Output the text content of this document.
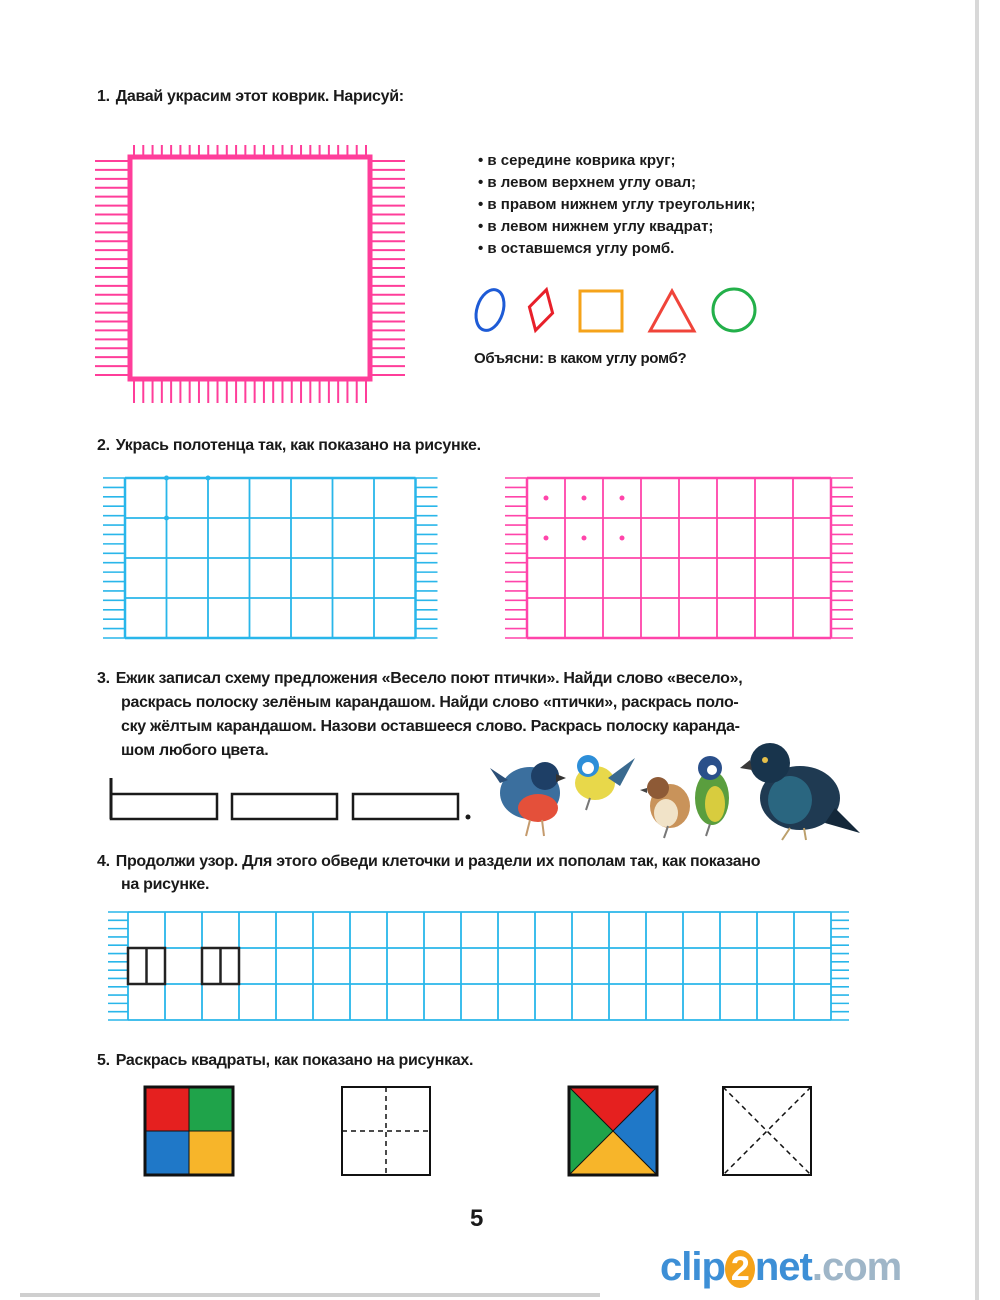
1. Давай украсим этот коврик. Нарисуй:
• в середине коврика круг;
• в левом верхнем углу овал;
• в правом нижнем углу треугольник;
• в левом нижнем углу квадрат;
• в оставшемся углу ромб.
Объясни: в каком углу ромб?
2. Укрась полотенца так, как показано на рисунке.
3. Ежик записал схему предложения «Весело поют птички». Найди слово «весело»,
раскрась полоску зелёным карандашом. Найди слово «птички», раскрась поло-
ску жёлтым карандашом. Назови оставшееся слово. Раскрась полоску каранда-
шом любого цвета.
4. Продолжи узор. Для этого обведи клеточки и раздели их пополам так, как показано
на рисунке.
5. Раскрась квадраты, как показано на рисунках.
5
clip 2 net.com
